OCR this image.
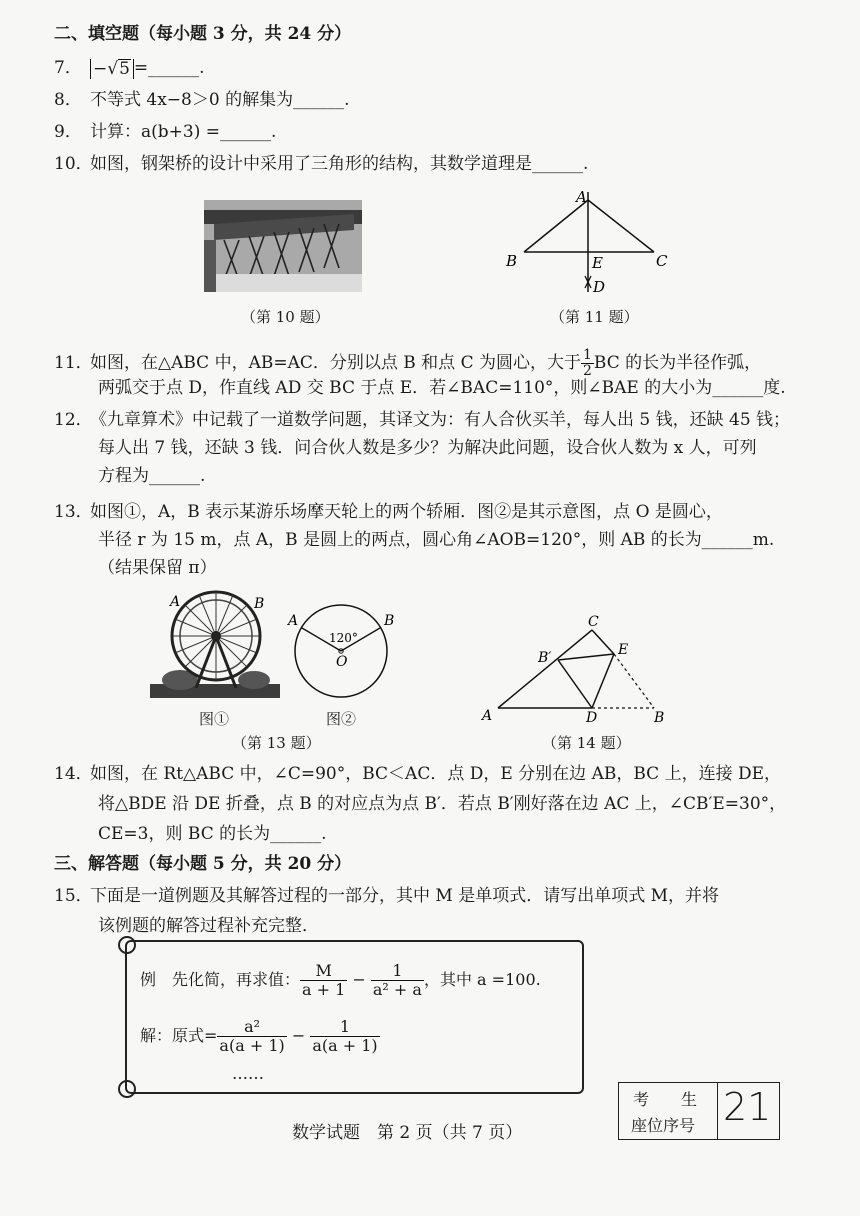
二、填空题（每小题 3 分，共 24 分）
7． −√5 =______.
8． 不等式 4x−8＞0 的解集为______.
9． 计算：a(b+3) =______.
10．如图，钢架桥的设计中采用了三角形的结构，其数学道理是______.
（第 10 题）
A
B	C
E
D
（第 11 题）
11．如图，在△ABC 中，AB=AC．分别以点 B 和点 C 为圆心，大于 $\frac{1}{2}$ BC 的长为半径作弧，
两弧交于点 D，作直线 AD 交 BC 于点 E．若∠BAC=110°，则∠BAE 的大小为______度.
12．《九章算术》中记载了一道数学问题，其译文为：有人合伙买羊，每人出 5 钱，还缺 45 钱；
每人出 7 钱，还缺 3 钱．问合伙人数是多少？为解决此问题，设合伙人数为 x 人，可列
方程为______.
13．如图①，A，B 表示某游乐场摩天轮上的两个轿厢．图②是其示意图，点 O 是圆心，
半径 r 为 15 m，点 A，B 是圆上的两点，圆心角∠AOB=120°，则 AB 的长为______m.
（结果保留 π）
A	B
图①
A	B
120°
O
图②
（第 13 题）
A	D	B
C
E
B′
（第 14 题）
14．如图，在 Rt△ABC 中，∠C=90°，BC＜AC．点 D，E 分别在边 AB，BC 上，连接 DE，
将△BDE 沿 DE 折叠，点 B 的对应点为点 B′．若点 B′刚好落在边 AC 上，∠CB′E=30°，
CE=3，则 BC 的长为______.
三、解答题（每小题 5 分，共 20 分）
15．下面是一道例题及其解答过程的一部分，其中 M 是单项式．请写出单项式 M，并将
该例题的解答过程补充完整．
例　先化简，再求值： $\frac{M}{a + 1} - \frac{1}{\text{a² + a}}$ ，其中 a =100.
解：原式= $\frac{\text{a²}}{a(a + 1)} - \frac{1}{a(a + 1)}$
……
数学试题　第 2 页（共 7 页）
考　　生
座位序号 21
